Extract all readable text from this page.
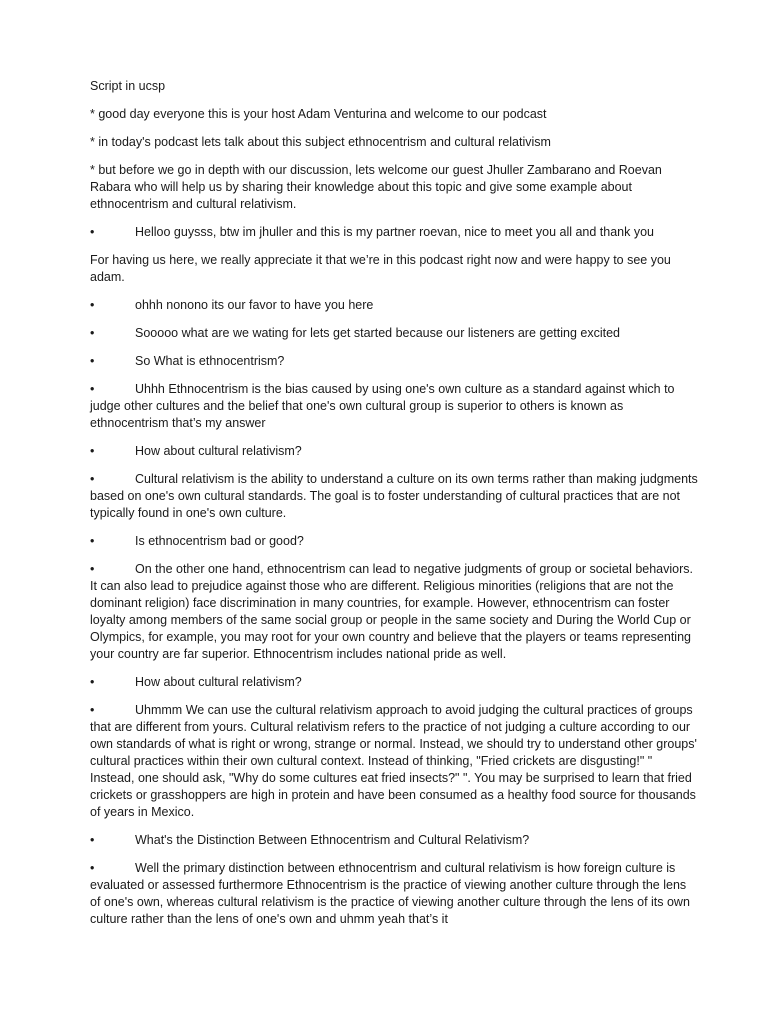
Script in ucsp

* good day everyone this is your host Adam Venturina and welcome to our podcast

* in today's podcast lets talk about this subject ethnocentrism and cultural relativism

* but before we go in depth with our discussion, lets welcome our guest Jhuller Zambarano and Roevan Rabara who will help us by sharing their knowledge about this topic and give some example about ethnocentrism and cultural relativism.

•	Helloo guysss, btw im jhuller and this is my partner roevan, nice to meet you all and thank you

For having us here, we really appreciate it that we’re in this podcast right now and were happy to see you adam.

•	ohhh nonono its our favor to have you here

•	Sooooo what are we wating for lets get started because our listeners are getting excited

•	So What is ethnocentrism?

•	Uhhh Ethnocentrism is the bias caused by using one's own culture as a standard against which to judge other cultures and the belief that one's own cultural group is superior to others is known as ethnocentrism that’s my answer

•	How about cultural relativism?

•	Cultural relativism is the ability to understand a culture on its own terms rather than making judgments based on one's own cultural standards. The goal is to foster understanding of cultural practices that are not typically found in one's own culture.

•	Is ethnocentrism bad or good?

•	On the other one hand, ethnocentrism can lead to negative judgments of group or societal behaviors. It can also lead to prejudice against those who are different. Religious minorities (religions that are not the dominant religion) face discrimination in many countries, for example. However, ethnocentrism can foster loyalty among members of the same social group or people in the same society and During the World Cup or Olympics, for example, you may root for your own country and believe that the players or teams representing your country are far superior. Ethnocentrism includes national pride as well.

•	How about cultural relativism?

•	Uhmmm We can use the cultural relativism approach to avoid judging the cultural practices of groups that are different from yours. Cultural relativism refers to the practice of not judging a culture according to our own standards of what is right or wrong, strange or normal. Instead, we should try to understand other groups' cultural practices within their own cultural context. Instead of thinking, "Fried crickets are disgusting!" " Instead, one should ask, "Why do some cultures eat fried insects?" ". You may be surprised to learn that fried crickets or grasshoppers are high in protein and have been consumed as a healthy food source for thousands of years in Mexico.

•	What's the Distinction Between Ethnocentrism and Cultural Relativism?

•	Well the primary distinction between ethnocentrism and cultural relativism is how foreign culture is evaluated or assessed furthermore Ethnocentrism is the practice of viewing another culture through the lens of one's own, whereas cultural relativism is the practice of viewing another culture through the lens of its own culture rather than the lens of one's own and uhmm yeah that’s it
